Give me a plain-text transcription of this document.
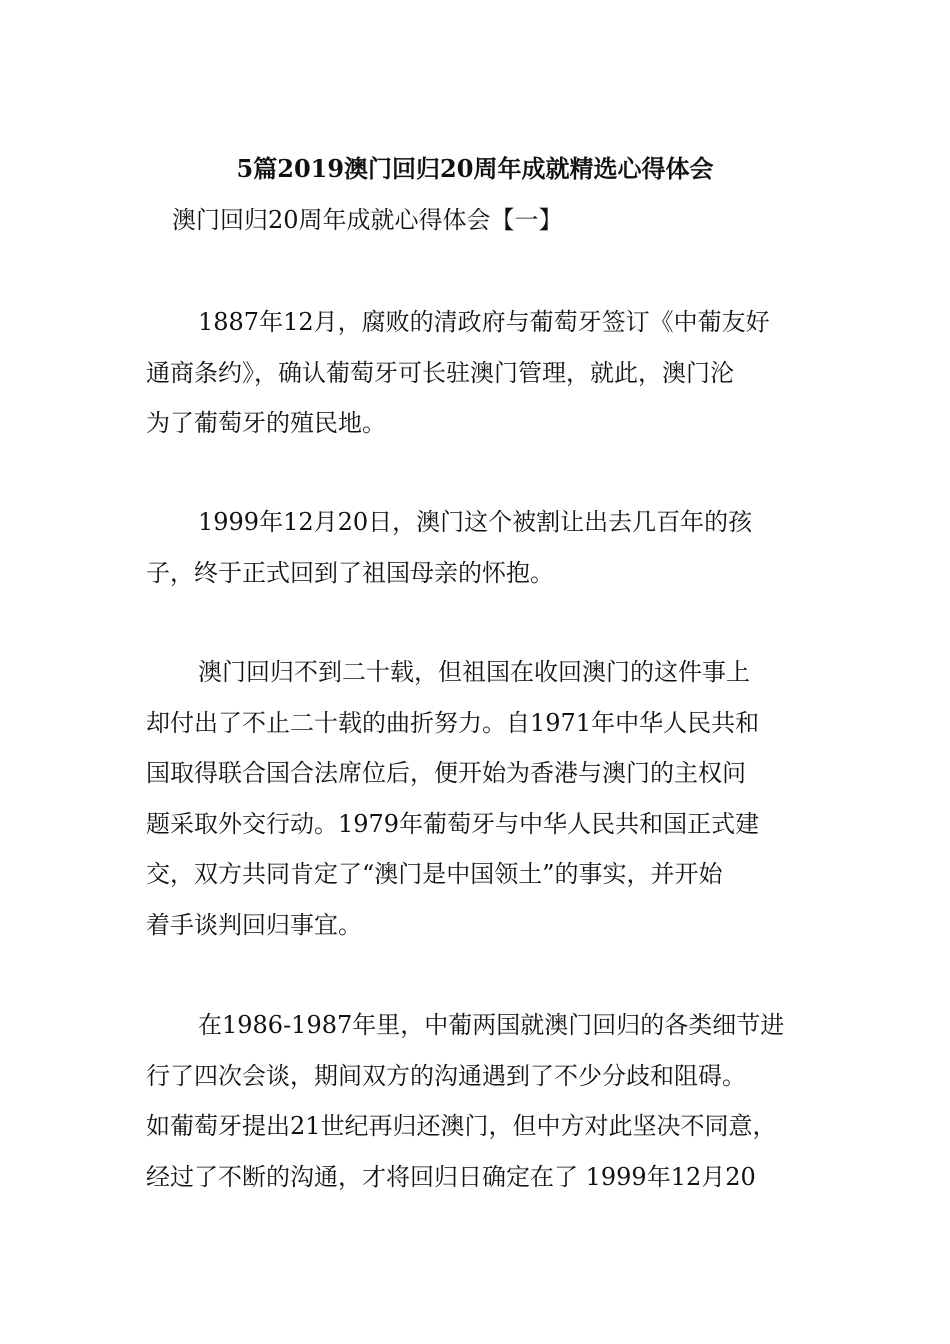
5篇2019澳门回归20周年成就精选心得体会
澳门回归20周年成就心得体会【一】
1887年12月，腐败的清政府与葡萄牙签订《中葡友好
通商条约》，确认葡萄牙可长驻澳门管理，就此，澳门沦
为了葡萄牙的殖民地。
1999年12月20日，澳门这个被割让出去几百年的孩
子，终于正式回到了祖国母亲的怀抱。
澳门回归不到二十载，但祖国在收回澳门的这件事上
却付出了不止二十载的曲折努力。自1971年中华人民共和
国取得联合国合法席位后，便开始为香港与澳门的主权问
题采取外交行动。1979年葡萄牙与中华人民共和国正式建
交，双方共同肯定了“澳门是中国领土”的事实，并开始
着手谈判回归事宜。
在1986-1987年里，中葡两国就澳门回归的各类细节进
行了四次会谈，期间双方的沟通遇到了不少分歧和阻碍。
如葡萄牙提出21世纪再归还澳门，但中方对此坚决不同意，
经过了不断的沟通，才将回归日确定在了 1999年12月20
